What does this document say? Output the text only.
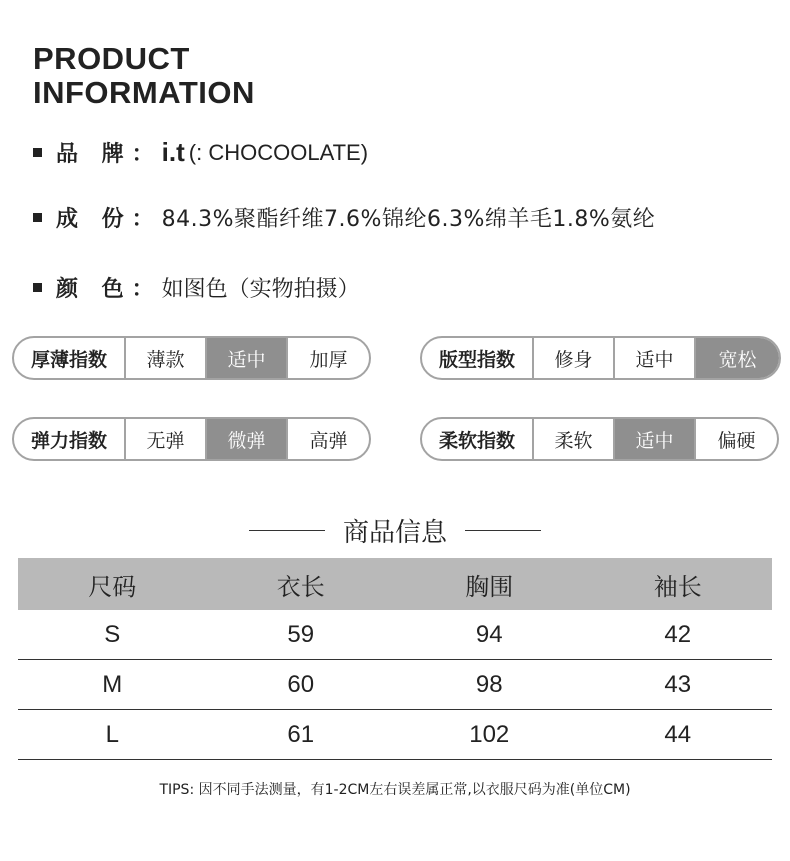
PRODUCT
INFORMATION
品 牌： i.t (: CHOCOOLATE)
成 份： 84.3%聚酯纤维7.6%锦纶6.3%绵羊毛1.8%氨纶
颜 色： 如图色（实物拍摄）
厚薄指数	薄款	适中	加厚	版型指数	修身	适中	宽松
弹力指数	无弹	微弹	高弹	柔软指数	柔软	适中	偏硬
商品信息
尺码	衣长	胸围	袖长
S	59	94	42
M	60	98	43
L	61	102	44
TIPS: 因不同手法测量，有1-2CM左右误差属正常,以衣服尺码为准(单位CM)
